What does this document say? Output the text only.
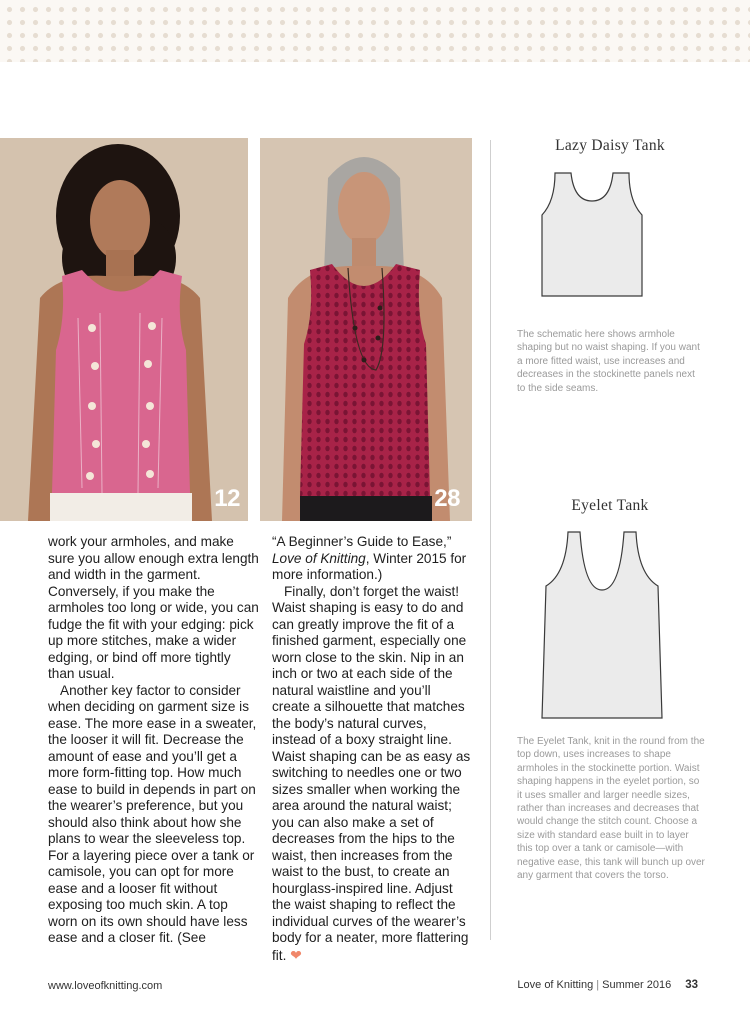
12	28

work your armholes, and make sure you allow enough extra length and width in the garment. Conversely, if you make the armholes too long or wide, you can fudge the fit with your edging: pick up more stitches, make a wider edging, or bind off more tightly than usual.

Another key factor to consider when deciding on garment size is ease. The more ease in a sweater, the looser it will fit. Decrease the amount of ease and you’ll get a more form-fitting top. How much ease to build in depends in part on the wearer’s preference, but you should also think about how she plans to wear the sleeveless top. For a layering piece over a tank or camisole, you can opt for more ease and a looser fit without exposing too much skin. A top worn on its own should have less ease and a closer fit. (See

“A Beginner’s Guide to Ease,” Love of Knitting, Winter 2015 for more information.)

Finally, don’t forget the waist! Waist shaping is easy to do and can greatly improve the fit of a finished garment, especially one worn close to the skin. Nip in an inch or two at each side of the natural waistline and you’ll create a silhouette that matches the body’s natural curves, instead of a boxy straight line. Waist shaping can be as easy as switching to needles one or two sizes smaller when working the area around the natural waist; you can also make a set of decreases from the hips to the waist, then increases from the waist to the bust, to create an hourglass-inspired line. Adjust the waist shaping to reflect the individual curves of the wearer’s body for a neater, more flattering fit. ❤

Lazy Daisy Tank
The schematic here shows armhole shaping but no waist shaping. If you want a more fitted waist, use increases and decreases in the stockinette panels next to the side seams.
Eyelet Tank
The Eyelet Tank, knit in the round from the top down, uses increases to shape armholes in the stockinette portion. Waist shaping happens in the eyelet portion, so it uses smaller and larger needle sizes, rather than increases and decreases that would change the stitch count. Choose a size with standard ease built in to layer this top over a tank or camisole—with negative ease, this tank will bunch up over any garment that covers the torso.
www.loveofknitting.com	Love of Knitting | Summer 2016 33
